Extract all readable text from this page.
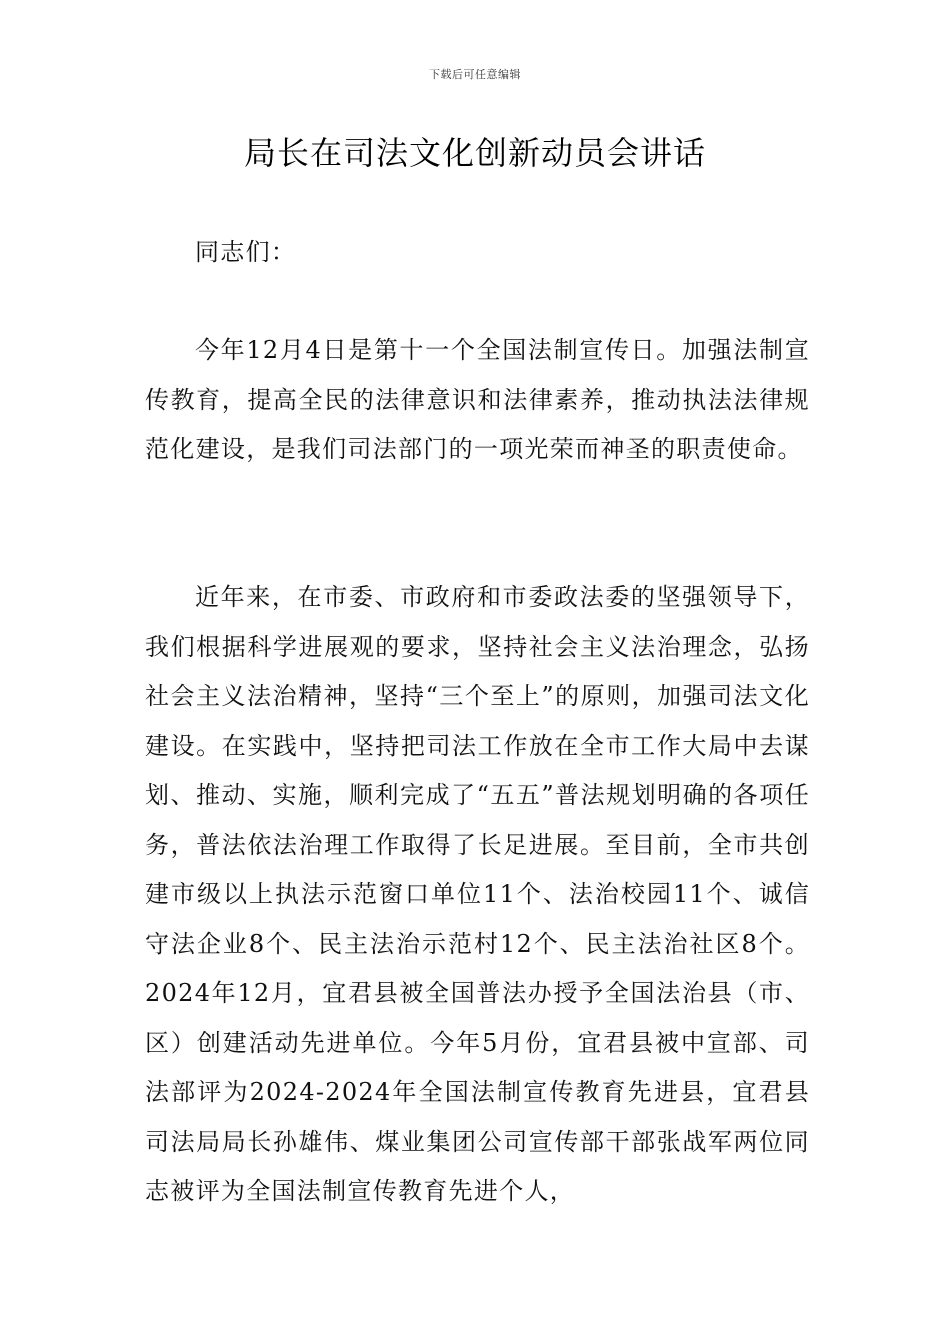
下载后可任意编辑
局长在司法文化创新动员会讲话

同志们：

今年12月4日是第十一个全国法制宣传日。加强法制宣传教育，提高全民的法律意识和法律素养，推动执法法律规范化建设，是我们司法部门的一项光荣而神圣的职责使命。

近年来，在市委、市政府和市委政法委的坚强领导下，我们根据科学进展观的要求，坚持社会主义法治理念，弘扬社会主义法治精神，坚持“三个至上”的原则，加强司法文化建设。在实践中，坚持把司法工作放在全市工作大局中去谋划、推动、实施，顺利完成了“五五”普法规划明确的各项任务，普法依法治理工作取得了长足进展。至目前，全市共创建市级以上执法示范窗口单位11个、法治校园11个、诚信守法企业8个、民主法治示范村12个、民主法治社区8个。2024年12月，宜君县被全国普法办授予全国法治县（市、区）创建活动先进单位。今年5月份，宜君县被中宣部、司法部评为2024-2024年全国法制宣传教育先进县，宜君县司法局局长孙雄伟、煤业集团公司宣传部干部张战军两位同志被评为全国法制宣传教育先进个人，
